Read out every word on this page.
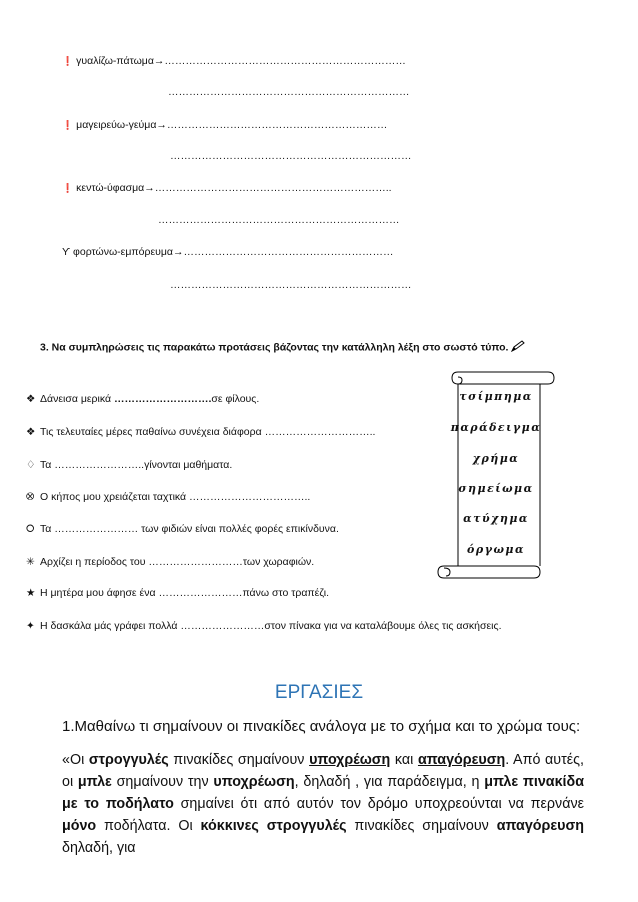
❗ γυαλίζω-πάτωμα→……………………………………………………………
……………………………………………………………
❗ μαγειρεύω-γεύμα→………………………………………………………
……………………………………………………………
❗ κεντώ-ύφασμα→…………………………………………………………..
……………………………………………………………
ϒ φορτώνω-εμπόρευμα→……………………………………………………
……………………………………………………………
3. Να συμπληρώσεις τις παρακάτω προτάσεις βάζοντας την κατάλληλη λέξη στο σωστό τύπο.
❖ Δάνεισα μερικά ……………………….σε φίλους.
❖ Τις τελευταίες μέρες παθαίνω συνέχεια διάφορα …………………………..
♢ Τα ……………………..γίνονται μαθήματα.
⭙ Ο κήπος μου χρειάζεται ταχτικά ……………………………..
⭘ Τα …………………… των φιδιών είναι πολλές φορές επικίνδυνα.
✳ Αρχίζει η περίοδος του ………………………των χωραφιών.
★ Η μητέρα μου άφησε ένα ……………………πάνω στο τραπέζι.
✦ Η δασκάλα μάς γράφει πολλά ……………………στον πίνακα για να καταλάβουμε όλες τις ασκήσεις.
τσίμπημα
παράδειγμα
χρήμα
σημείωμα
ατύχημα
όργωμα
ΕΡΓΑΣΙΕΣ
1.Μαθαίνω τι σημαίνουν οι πινακίδες ανάλογα με το σχήμα και το χρώμα τους:
«Οι στρογγυλές πινακίδες σημαίνουν υποχρέωση και απαγόρευση. Από αυτές, οι μπλε σημαίνουν την υποχρέωση, δηλαδή , για παράδειγμα, η μπλε πινακίδα με το ποδήλατο σημαίνει ότι από αυτόν τον δρόμο υποχρεούνται να περνάνε μόνο ποδήλατα. Οι κόκκινες στρογγυλές πινακίδες σημαίνουν απαγόρευση δηλαδή, για
